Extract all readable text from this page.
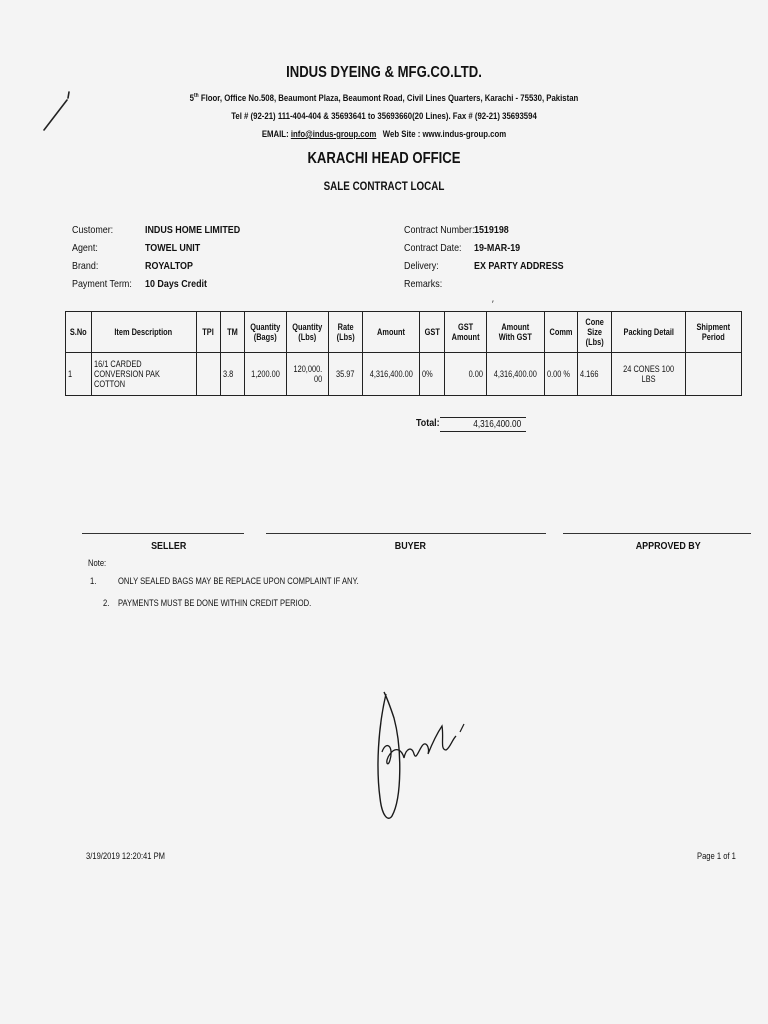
INDUS DYEING & MFG.CO.LTD.
5th Floor, Office No.508, Beaumont Plaza, Beaumont Road, Civil Lines Quarters, Karachi - 75530, Pakistan
Tel # (92-21) 111-404-404 & 35693641 to 35693660(20 Lines). Fax # (92-21) 35693594
EMAIL: info@indus-group.com Web Site : www.indus-group.com
KARACHI HEAD OFFICE
SALE CONTRACT LOCAL
Customer:	INDUS HOME LIMITED
Agent:	TOWEL UNIT
Brand:	ROYALTOP
Payment Term: 10 Days Credit
Contract Number: 1519198
Contract Date: 19-MAR-19
Delivery:	EX PARTY ADDRESS
Remarks:
′
S.No	Item Description	TPI	TM	Quantity (Bags)	Quantity (Lbs)	Rate (Lbs)	Amount	GST	GST Amount	Amount With GST	Comm	Cone Size (Lbs)	Packing Detail	Shipment Period
1	16/1 CARDED CONVERSION PAK COTTON		3.8	1,200.00	120,000.00	35.97	4,316,400.00	0%	0.00	4,316,400.00	0.00 %	4.166	24 CONES 100 LBS	
Total:	4,316,400.00
SELLER	BUYER	APPROVED BY
Note:
1. ONLY SEALED BAGS MAY BE REPLACE UPON COMPLAINT IF ANY.
2. PAYMENTS MUST BE DONE WITHIN CREDIT PERIOD.
3/19/2019 12:20:41 PM	Page 1 of 1
